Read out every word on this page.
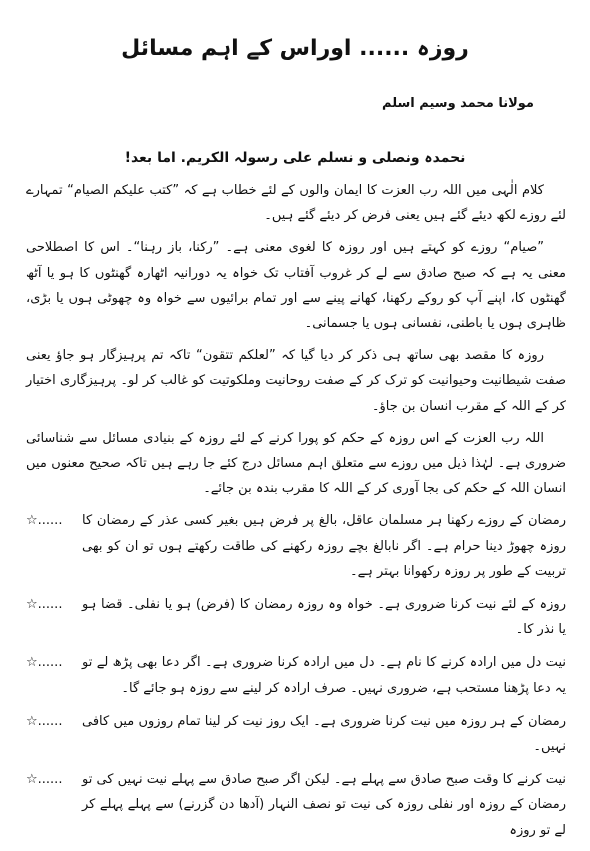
روزہ ...... اوراس کے اہم مسائل
مولانا محمد وسیم اسلم
نحمدہ ونصلی و نسلم علی رسولہ الکریم. اما بعد!

کلام الٰہی میں اللہ رب العزت کا ایمان والوں کے لئے خطاب ہے کہ ”کتب علیکم الصیام“ تمہارے لئے روزے لکھ دیئے گئے ہیں یعنی فرض کر دیئے گئے ہیں۔

”صیام“ روزے کو کہتے ہیں اور روزہ کا لغوی معنی ہے۔ ”رکنا، باز رہنا“۔ اس کا اصطلاحی معنی یہ ہے کہ صبح صادق سے لے کر غروب آفتاب تک خواہ یہ دورانیہ اٹھارہ گھنٹوں کا ہو یا آٹھ گھنٹوں کا، اپنے آپ کو روکے رکھنا، کھانے پینے سے اور تمام برائیوں سے خواہ وہ چھوٹی ہوں یا بڑی، ظاہری ہوں یا باطنی، نفسانی ہوں یا جسمانی۔

روزہ کا مقصد بھی ساتھ ہی ذکر کر دیا گیا کہ ”لعلکم تتقون“ تاکہ تم پرہیزگار ہو جاؤ یعنی صفت شیطانیت وحیوانیت کو ترک کر کے صفت روحانیت وملکوتیت کو غالب کر لو۔ پرہیزگاری اختیار کر کے اللہ کے مقرب انسان بن جاؤ۔

اللہ رب العزت کے اس روزہ کے حکم کو پورا کرنے کے لئے روزہ کے بنیادی مسائل سے شناسائی ضروری ہے۔ لہٰذا ذیل میں روزے سے متعلق اہم مسائل درج کئے جا رہے ہیں تاکہ صحیح معنوں میں انسان اللہ کے حکم کی بجا آوری کر کے اللہ کا مقرب بندہ بن جائے۔

☆......	رمضان کے روزے رکھنا ہر مسلمان عاقل، بالغ پر فرض ہیں بغیر کسی عذر کے رمضان کا روزہ چھوڑ دینا حرام ہے۔ اگر نابالغ بچے روزہ رکھنے کی طاقت رکھتے ہوں تو ان کو بھی تربیت کے طور پر روزہ رکھوانا بہتر ہے۔
☆......	روزہ کے لئے نیت کرنا ضروری ہے۔ خواہ وہ روزہ رمضان کا (فرض) ہو یا نفلی۔ قضا ہو یا نذر کا۔
☆......	نیت دل میں ارادہ کرنے کا نام ہے۔ دل میں ارادہ کرنا ضروری ہے۔ اگر دعا بھی پڑھ لے تو یہ دعا پڑھنا مستحب ہے، ضروری نہیں۔ صرف ارادہ کر لینے سے روزہ ہو جائے گا۔
☆......	رمضان کے ہر روزہ میں نیت کرنا ضروری ہے۔ ایک روز نیت کر لینا تمام روزوں میں کافی نہیں۔
☆......	نیت کرنے کا وقت صبح صادق سے پہلے ہے۔ لیکن اگر صبح صادق سے پہلے نیت نہیں کی تو رمضان کے روزہ اور نفلی روزہ کی نیت تو نصف النہار (آدھا دن گزرنے) سے پہلے پہلے کر لے تو روزہ
